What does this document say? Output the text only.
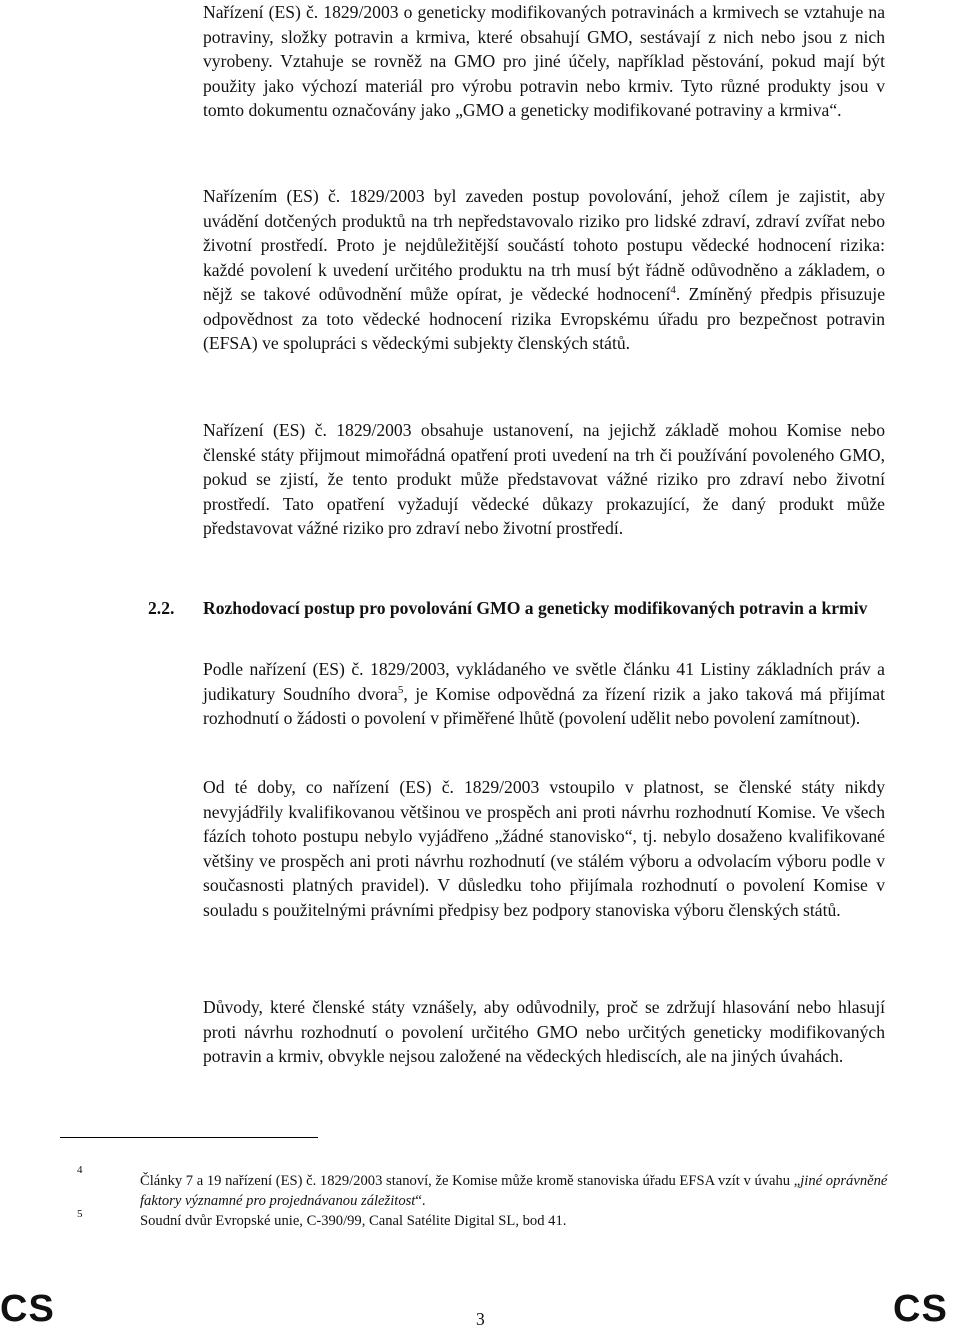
Nařízení (ES) č. 1829/2003 o geneticky modifikovaných potravinách a krmivech se vztahuje na potraviny, složky potravin a krmiva, které obsahují GMO, sestávají z nich nebo jsou z nich vyrobeny. Vztahuje se rovněž na GMO pro jiné účely, například pěstování, pokud mají být použity jako výchozí materiál pro výrobu potravin nebo krmiv. Tyto různé produkty jsou v tomto dokumentu označovány jako „GMO a geneticky modifikované potraviny a krmiva“.

Nařízením (ES) č. 1829/2003 byl zaveden postup povolování, jehož cílem je zajistit, aby uvádění dotčených produktů na trh nepředstavovalo riziko pro lidské zdraví, zdraví zvířat nebo životní prostředí. Proto je nejdůležitější součástí tohoto postupu vědecké hodnocení rizika: každé povolení k uvedení určitého produktu na trh musí být řádně odůvodněno a základem, o nějž se takové odůvodnění může opírat, je vědecké hodnocení$^4$. Zmíněný předpis přisuzuje odpovědnost za toto vědecké hodnocení rizika Evropskému úřadu pro bezpečnost potravin (EFSA) ve spolupráci s vědeckými subjekty členských států.

Nařízení (ES) č. 1829/2003 obsahuje ustanovení, na jejichž základě mohou Komise nebo členské státy přijmout mimořádná opatření proti uvedení na trh či používání povoleného GMO, pokud se zjistí, že tento produkt může představovat vážné riziko pro zdraví nebo životní prostředí. Tato opatření vyžadují vědecké důkazy prokazující, že daný produkt může představovat vážné riziko pro zdraví nebo životní prostředí.

2.2. Rozhodovací postup pro povolování GMO a geneticky modifikovaných potravin a krmiv

Podle nařízení (ES) č. 1829/2003, vykládaného ve světle článku 41 Listiny základních práv a judikatury Soudního dvora$^5$, je Komise odpovědná za řízení rizik a jako taková má přijímat rozhodnutí o žádosti o povolení v přiměřené lhůtě (povolení udělit nebo povolení zamítnout).

Od té doby, co nařízení (ES) č. 1829/2003 vstoupilo v platnost, se členské státy nikdy nevyjádřily kvalifikovanou většinou ve prospěch ani proti návrhu rozhodnutí Komise. Ve všech fázích tohoto postupu nebylo vyjádřeno „žádné stanovisko“, tj. nebylo dosaženo kvalifikované většiny ve prospěch ani proti návrhu rozhodnutí (ve stálém výboru a odvolacím výboru podle v současnosti platných pravidel). V důsledku toho přijímala rozhodnutí o povolení Komise v souladu s použitelnými právními předpisy bez podpory stanoviska výboru členských států.

Důvody, které členské státy vznášely, aby odůvodnily, proč se zdržují hlasování nebo hlasují proti návrhu rozhodnutí o povolení určitého GMO nebo určitých geneticky modifikovaných potravin a krmiv, obvykle nejsou založené na vědeckých hlediscích, ale na jiných úvahách.

4

Články 7 a 19 nařízení (ES) č. 1829/2003 stanoví, že Komise může kromě stanoviska úřadu EFSA vzít v úvahu „jiné oprávněné faktory významné pro projednávanou záležitost“.

5	Soudní dvůr Evropské unie, C-390/99, Canal Satélite Digital SL, bod 41.

CS	3	CS
